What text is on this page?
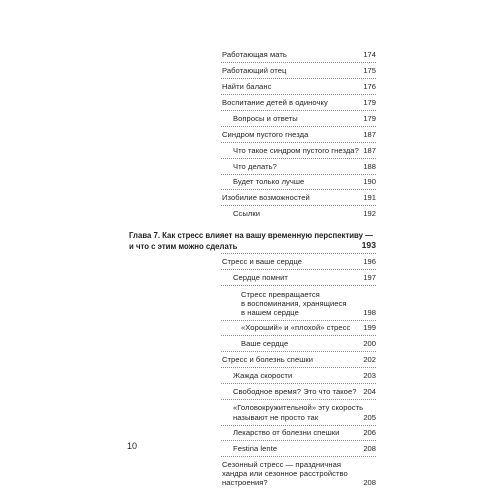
Работающая мать	174
Работающий отец	175
Найти баланс	176
Воспитание детей в одиночку	179
Вопросы и ответы	179
Синдром пустого гнезда	187
Что такое синдром пустого гнезда? 187
Что делать?	188
Будет только лучше	190
Изобилие возможностей	191
Ссылки	192
Глава 7. Как стресс влияет на вашу временную перспективу —
и что с этим можно сделать	193
Стресс и ваше сердце	196
Сердце помнит	197
Стресс превращается
в воспоминания, хранящиеся
в нашем сердце	198
«Хороший» и «плохой» стресс	199
Ваше сердце	200
Стресс и болезнь спешки	202
Жажда скорости	203
Свободное время? Это что такое? 204
«Головокружительной» эту скорость
называют не просто так	205
Лекарство от болезни спешки	206
Festina lente	208
Сезонный стресс — праздничная
хандра или сезонное расстройство
настроения?	208
10
